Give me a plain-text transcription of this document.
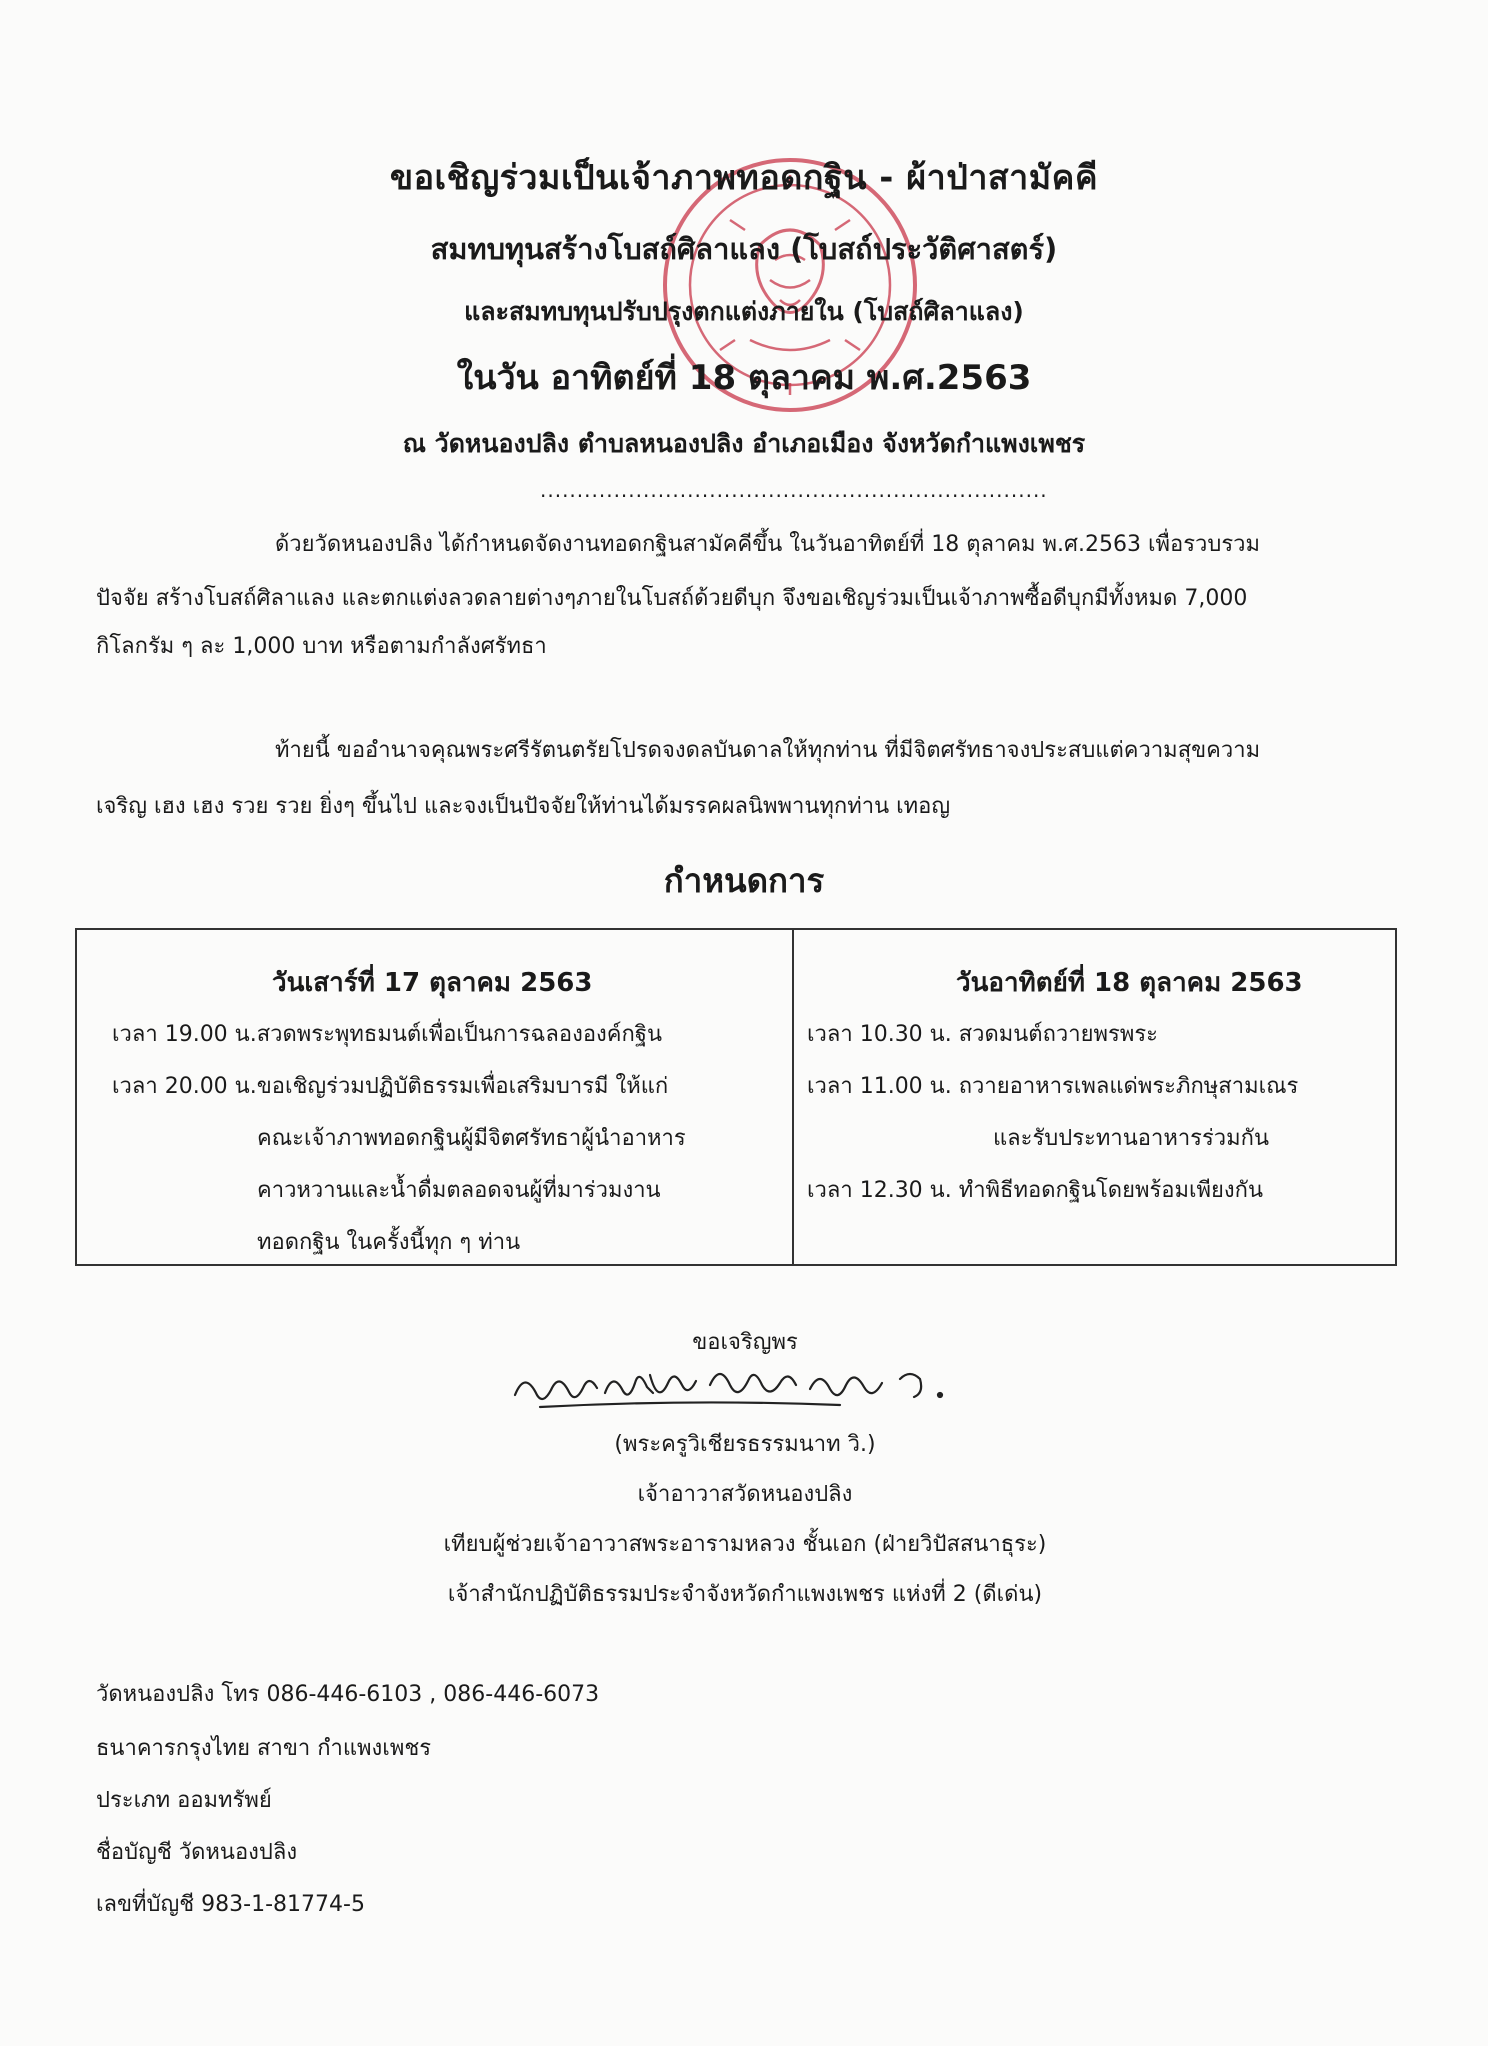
ขอเชิญร่วมเป็นเจ้าภาพทอดกฐิน - ผ้าป่าสามัคคี
สมทบทุนสร้างโบสถ์ศิลาแลง (โบสถ์ประวัติศาสตร์)
และสมทบทุนปรับปรุงตกแต่งภายใน (โบสถ์ศิลาแลง)
ในวัน อาทิตย์ที่ 18 ตุลาคม พ.ศ.2563
ณ วัดหนองปลิง ตำบลหนองปลิง อำเภอเมือง จังหวัดกำแพงเพชร
.....................................................................
ด้วยวัดหนองปลิง ได้กำหนดจัดงานทอดกฐินสามัคคีขึ้น ในวันอาทิตย์ที่ 18 ตุลาคม พ.ศ.2563 เพื่อรวบรวม
ปัจจัย สร้างโบสถ์ศิลาแลง และตกแต่งลวดลายต่างๆภายในโบสถ์ด้วยดีบุก จึงขอเชิญร่วมเป็นเจ้าภาพซื้อดีบุกมีทั้งหมด 7,000
กิโลกรัม ๆ ละ 1,000 บาท หรือตามกำลังศรัทธา
ท้ายนี้ ขออำนาจคุณพระศรีรัตนตรัยโปรดจงดลบันดาลให้ทุกท่าน ที่มีจิตศรัทธาจงประสบแต่ความสุขความ
เจริญ เฮง เฮง รวย รวย ยิ่งๆ ขึ้นไป และจงเป็นปัจจัยให้ท่านได้มรรคผลนิพพานทุกท่าน เทอญ
กำหนดการ
วันเสาร์ที่ 17 ตุลาคม 2563
เวลา 19.00 น.สวดพระพุทธมนต์เพื่อเป็นการฉลององค์กฐิน
เวลา 20.00 น.ขอเชิญร่วมปฏิบัติธรรมเพื่อเสริมบารมี ให้แก่
คณะเจ้าภาพทอดกฐินผู้มีจิตศรัทธาผู้นำอาหาร
คาวหวานและน้ำดื่มตลอดจนผู้ที่มาร่วมงาน
ทอดกฐิน ในครั้งนี้ทุก ๆ ท่าน
วันอาทิตย์ที่ 18 ตุลาคม 2563
เวลา 10.30 น. สวดมนต์ถวายพรพระ
เวลา 11.00 น. ถวายอาหารเพลแด่พระภิกษุสามเณร
และรับประทานอาหารร่วมกัน
เวลา 12.30 น. ทำพิธีทอดกฐินโดยพร้อมเพียงกัน
ขอเจริญพร
(พระครูวิเชียรธรรมนาท วิ.)
เจ้าอาวาสวัดหนองปลิง
เทียบผู้ช่วยเจ้าอาวาสพระอารามหลวง ชั้นเอก (ฝ่ายวิปัสสนาธุระ)
เจ้าสำนักปฏิบัติธรรมประจำจังหวัดกำแพงเพชร แห่งที่ 2 (ดีเด่น)
วัดหนองปลิง โทร 086-446-6103 , 086-446-6073
ธนาคารกรุงไทย สาขา กำแพงเพชร
ประเภท ออมทรัพย์
ชื่อบัญชี วัดหนองปลิง
เลขที่บัญชี 983-1-81774-5
